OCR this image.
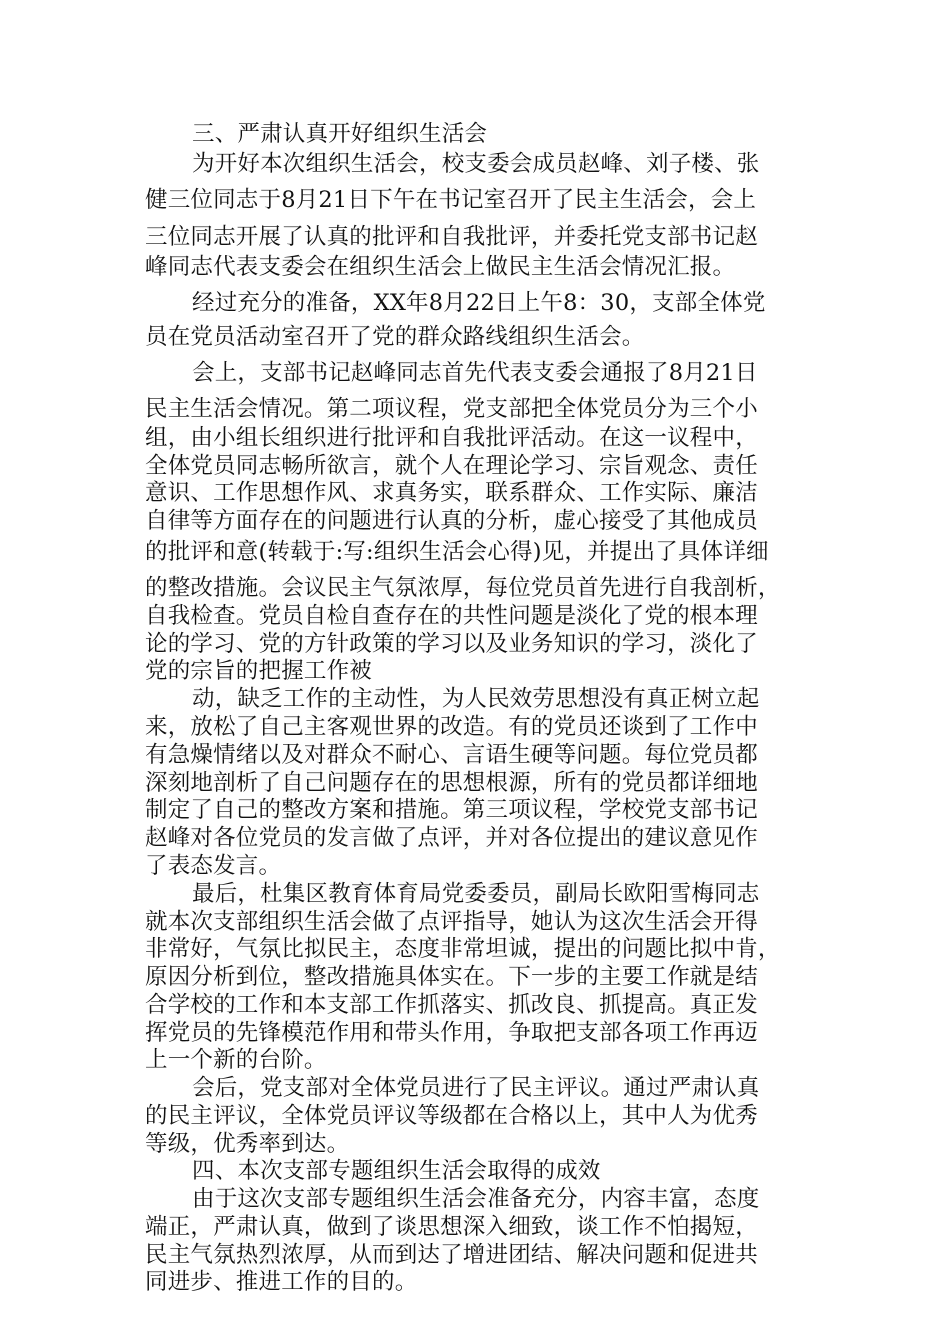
三、严肃认真开好组织生活会

为开好本次组织生活会，校支委会成员赵峰、刘子楼、张

健三位同志于8月21日下午在书记室召开了民主生活会，会上

三位同志开展了认真的批评和自我批评，并委托党支部书记赵

峰同志代表支委会在组织生活会上做民主生活会情况汇报。

经过充分的准备，XX年8月22日上午8：30，支部全体党

员在党员活动室召开了党的群众路线组织生活会。

会上，支部书记赵峰同志首先代表支委会通报了8月21日

民主生活会情况。第二项议程，党支部把全体党员分为三个小

组，由小组长组织进行批评和自我批评活动。在这一议程中，

全体党员同志畅所欲言，就个人在理论学习、宗旨观念、责任

意识、工作思想作风、求真务实，联系群众、工作实际、廉洁

自律等方面存在的问题进行认真的分析，虚心接受了其他成员

的批评和意(转载于:写:组织生活会心得)见，并提出了具体详细

的整改措施。会议民主气氛浓厚，每位党员首先进行自我剖析，

自我检查。党员自检自查存在的共性问题是淡化了党的根本理

论的学习、党的方针政策的学习以及业务知识的学习，淡化了

党的宗旨的把握工作被

动，缺乏工作的主动性，为人民效劳思想没有真正树立起

来，放松了自己主客观世界的改造。有的党员还谈到了工作中

有急燥情绪以及对群众不耐心、言语生硬等问题。每位党员都

深刻地剖析了自己问题存在的思想根源，所有的党员都详细地

制定了自己的整改方案和措施。第三项议程，学校党支部书记

赵峰对各位党员的发言做了点评，并对各位提出的建议意见作

了表态发言。

最后，杜集区教育体育局党委委员，副局长欧阳雪梅同志

就本次支部组织生活会做了点评指导，她认为这次生活会开得

非常好，气氛比拟民主，态度非常坦诚，提出的问题比拟中肯，

原因分析到位，整改措施具体实在。下一步的主要工作就是结

合学校的工作和本支部工作抓落实、抓改良、抓提高。真正发

挥党员的先锋模范作用和带头作用，争取把支部各项工作再迈

上一个新的台阶。

会后，党支部对全体党员进行了民主评议。通过严肃认真

的民主评议，全体党员评议等级都在合格以上，其中人为优秀

等级，优秀率到达。

四、本次支部专题组织生活会取得的成效

由于这次支部专题组织生活会准备充分，内容丰富，态度

端正，严肃认真，做到了谈思想深入细致，谈工作不怕揭短，

民主气氛热烈浓厚，从而到达了增进团结、解决问题和促进共

同进步、推进工作的目的。
